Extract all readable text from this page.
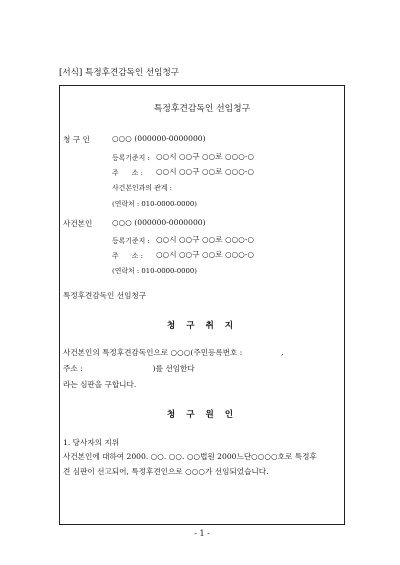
[서식] 특정후견감독인 선임청구
특정후견감독인 선임청구
청 구 인	○○○ (000000-0000000)
등록기준지 : ○○시 ○○구 ○○로 ○○○-○
주      소 : ○○시 ○○구 ○○로 ○○○-○
사건본인과의 관계 :
(연락처 : 010-0000-0000)
사건본인	○○○ (000000-0000000)
등록기준지 : ○○시 ○○구 ○○로 ○○○-○
주      소 : ○○시 ○○구 ○○로 ○○○-○
(연락처 : 010-0000-0000)
특정후견감독인 선임청구
청 구 취 지
사건본인의 특정후견감독인으로 ○○○(주민등록번호 :                ,
주소 :                             )를 선임한다
라는 심판을 구합니다.
청 구 원 인
1. 당사자의 지위
사건본인에 대하여 2000. ○○. ○○. ○○법원 2000느단○○○○호로 특정후
견 심판이 선고되어, 특정후견인으로 ○○○가 선임되었습니다.
- 1 -
